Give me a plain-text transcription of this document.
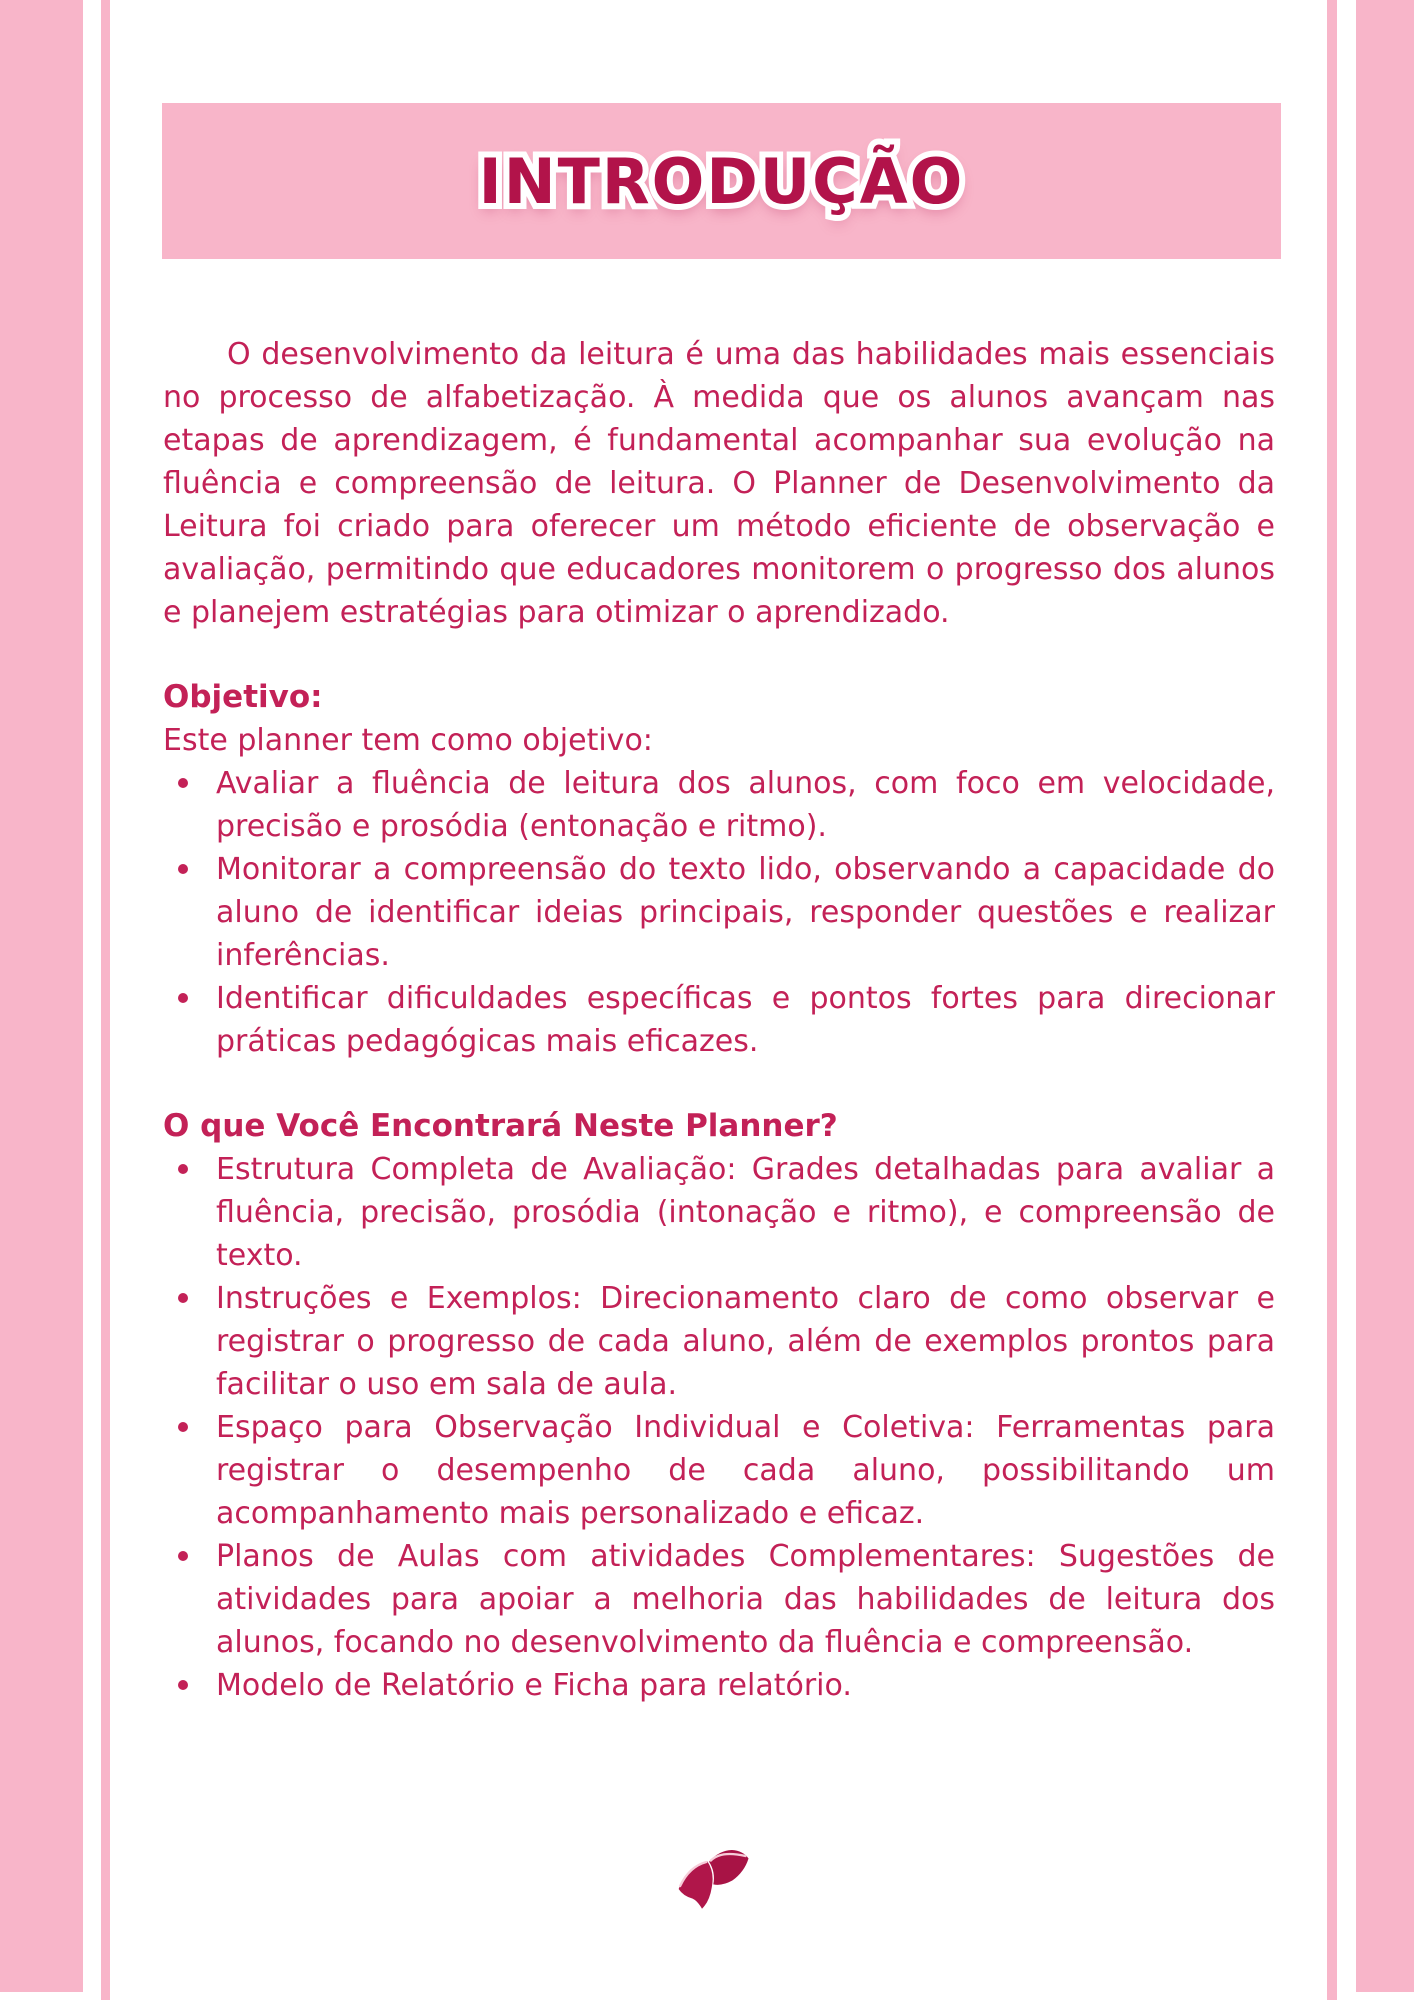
INTRODUÇÃO INTRODUÇÃO

O desenvolvimento da leitura é uma das habilidades mais essenciais no processo de alfabetização. À medida que os alunos avançam nas etapas de aprendizagem, é fundamental acompanhar sua evolução na fluência e compreensão de leitura. O Planner de Desenvolvimento da Leitura foi criado para oferecer um método eficiente de observação e avaliação, permitindo que educadores monitorem o progresso dos alunos e planejem estratégias para otimizar o aprendizado.

Objetivo:

Este planner tem como objetivo:

Avaliar a fluência de leitura dos alunos, com foco em velocidade, precisão e prosódia (entonação e ritmo).
Monitorar a compreensão do texto lido, observando a capacidade do aluno de identificar ideias principais, responder questões e realizar inferências.
Identificar dificuldades específicas e pontos fortes para direcionar práticas pedagógicas mais eficazes.
O que Você Encontrará Neste Planner?
Estrutura Completa de Avaliação: Grades detalhadas para avaliar a fluência, precisão, prosódia (intonação e ritmo), e compreensão de texto.
Instruções e Exemplos: Direcionamento claro de como observar e registrar o progresso de cada aluno, além de exemplos prontos para facilitar o uso em sala de aula.
Espaço para Observação Individual e Coletiva: Ferramentas para registrar o desempenho de cada aluno, possibilitando um acompanhamento mais personalizado e eficaz.
Planos de Aulas com atividades Complementares: Sugestões de atividades para apoiar a melhoria das habilidades de leitura dos alunos, focando no desenvolvimento da fluência e compreensão.
Modelo de Relatório e Ficha para relatório.
